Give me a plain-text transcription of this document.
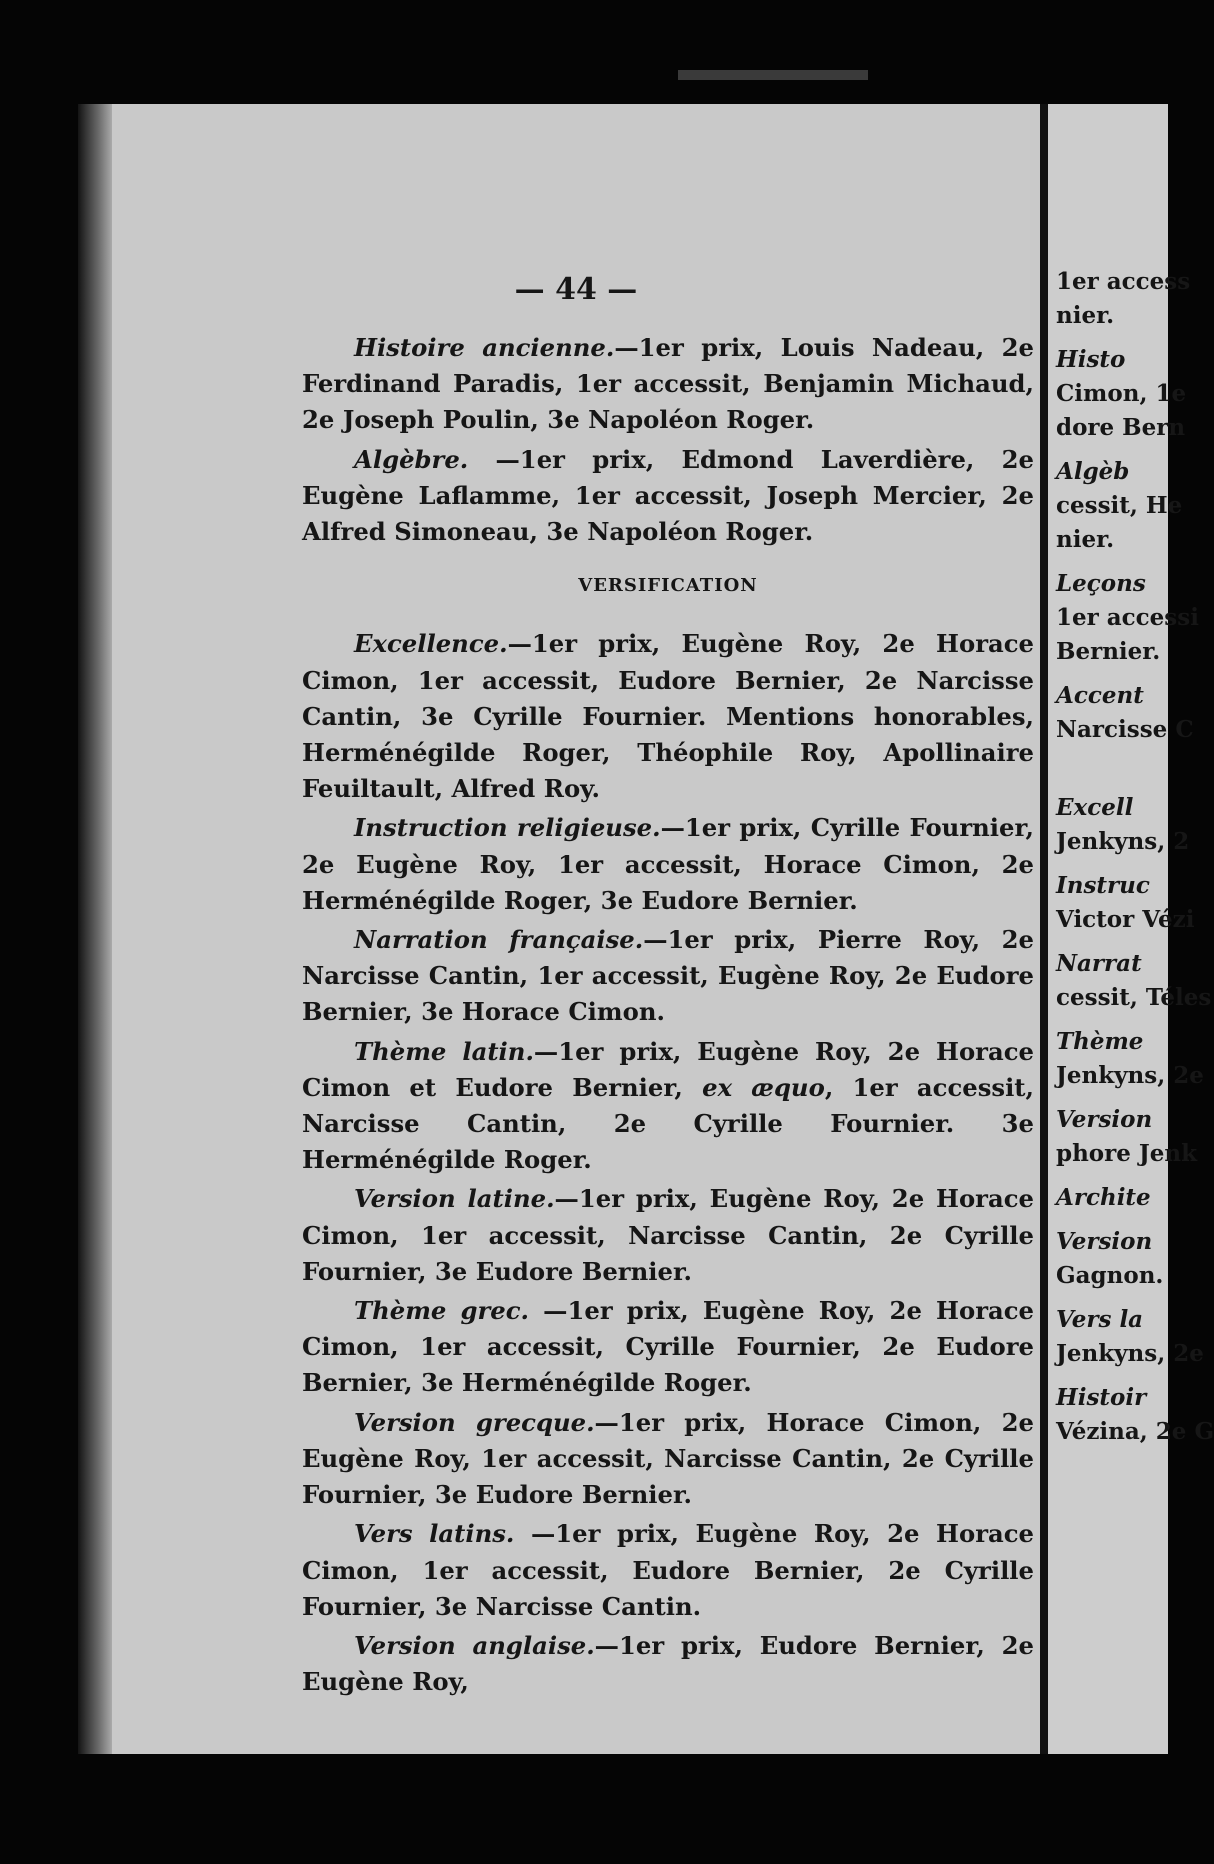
— 44 —

Histoire ancienne.—1er prix, Louis Nadeau, 2e Ferdinand Paradis, 1er accessit, Benjamin Michaud, 2e Joseph Poulin, 3e Napoléon Roger.

Algèbre. —1er prix, Edmond Laverdière, 2e Eugène Laflamme, 1er accessit, Joseph Mercier, 2e Alfred Simoneau, 3e Napoléon Roger.

VERSIFICATION

Excellence.—1er prix, Eugène Roy, 2e Horace Cimon, 1er accessit, Eudore Bernier, 2e Narcisse Cantin, 3e Cyrille Fournier. Mentions honorables, Herménégilde Roger, Théophile Roy, Apollinaire Feuiltault, Alfred Roy.

Instruction religieuse.—1er prix, Cyrille Fournier, 2e Eugène Roy, 1er accessit, Horace Cimon, 2e Herménégilde Roger, 3e Eudore Bernier.

Narration française.—1er prix, Pierre Roy, 2e Narcisse Cantin, 1er accessit, Eugène Roy, 2e Eudore Bernier, 3e Horace Cimon.

Thème latin.—1er prix, Eugène Roy, 2e Horace Cimon et Eudore Bernier, ex æquo, 1er accessit, Narcisse Cantin, 2e Cyrille Fournier. 3e Herménégilde Roger.

Version latine.—1er prix, Eugène Roy, 2e Horace Cimon, 1er accessit, Narcisse Cantin, 2e Cyrille Fournier, 3e Eudore Bernier.

Thème grec. —1er prix, Eugène Roy, 2e Horace Cimon, 1er accessit, Cyrille Fournier, 2e Eudore Bernier, 3e Herménégilde Roger.

Version grecque.—1er prix, Horace Cimon, 2e Eugène Roy, 1er accessit, Narcisse Cantin, 2e Cyrille Fournier, 3e Eudore Bernier.

Vers latins. —1er prix, Eugène Roy, 2e Horace Cimon, 1er accessit, Eudore Bernier, 2e Cyrille Fournier, 3e Narcisse Cantin.

Version anglaise.—1er prix, Eudore Bernier, 2e Eugène Roy,

1er access
nier.
Histo
Cimon, 1e
dore Bern
Algèb
cessit, He
nier.
Leçons
1er accessi
Bernier.
Accent
Narcisse C
Excell
Jenkyns, 2
Instruc
Victor Vézi
Narrat
cessit, Téles
Thème
Jenkyns, 2e
Version
phore Jenk
Archite
Version
Gagnon.
Vers la
Jenkyns, 2e
Histoir
Vézina, 2e G
